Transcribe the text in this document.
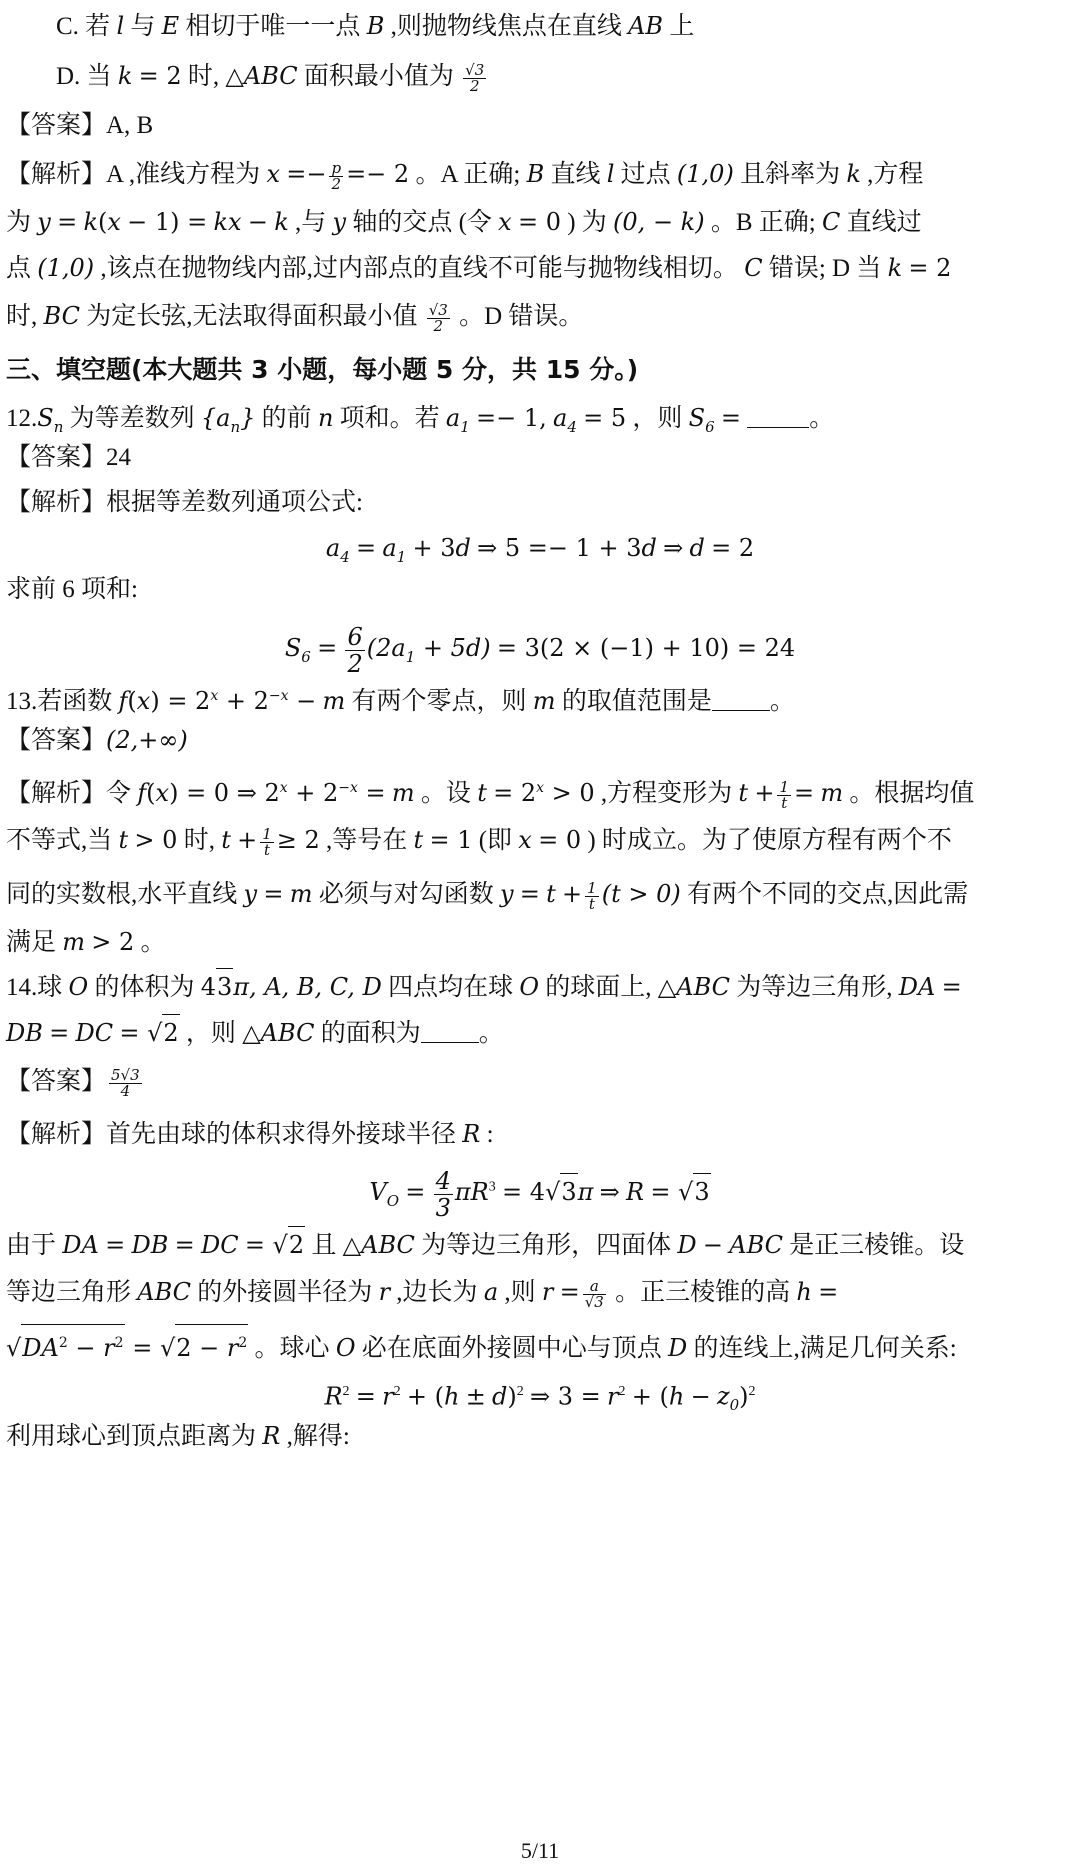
C. 若 l 与 E 相切于唯一一点 B ,则抛物线焦点在直线 AB 上
D. 当 k = 2 时, △ABC 面积最小值为 $\frac{√3}{2}$
【答案】A, B
【解析】A ,准线方程为 $x =- \frac{p}{2} =- 2$ 。A 正确; B 直线 l 过点 (1,0) 且斜率为 k ,方程
为 y = k(x − 1) = kx − k ,与 y 轴的交点 (令 x = 0 ) 为 (0, − k) 。B 正确; C 直线过
点 (1,0) ,该点在抛物线内部,过内部点的直线不可能与抛物线相切。 C 错误; D 当 k = 2
时, BC 为定长弦,无法取得面积最小值 $\frac{√3}{2}$ 。D 错误。
三、填空题(本大题共 3 小题，每小题 5 分，共 15 分。)
$12.S_n$ 为等差数列 $\{a_n\}$ 的前 n 项和。若 $a_1 =- 1$, $a_4 = 5$ ，则 $S_6$ =	。
【答案】24
【解析】根据等差数列通项公式:
$a_4 = a_1 + 3d$ ⇒ 5 =− 1 + 3d ⇒ d = 2
求前 6 项和:
$S_6 = \frac{6}{2} (2a_1 + 5d) = 3(2 \times (-1) + 10) = 24$
13.若函数 $f(x) = 2^x + 2^{-x} - m$ 有两个零点，则 m 的取值范围是 。
【答案】(2,+∞)
【解析】令 f(x) = 0 ⇒ $2^x + 2^{-x} = m$ 。设 $t = 2^x > 0$ ,方程变形为 $t + \frac{1}{t} = m$ 。根据均值
不等式,当 t > 0 时, $t + \frac{1}{t} \ge 2$ ,等号在 t = 1 (即 x = 0 ) 时成立。为了使原方程有两个不
同的实数根,水平直线 y = m 必须与对勾函数 $y = t + \frac{1}{t} (t > 0)$ 有两个不同的交点,因此需
满足 m > 2 。
14.球 O 的体积为 43π, A, B, C, D 四点均在球 O 的球面上, △ABC 为等边三角形, DA =
DB = DC = √2 ，则 △ABC 的面积为 。
【答案】 $\frac{5√3}{4}$
【解析】首先由球的体积求得外接球半径 R :
$V_O = \frac{4}{3} \pi R^3 = 4√3\pi$ ⇒ R = √3
由于 DA = DB = DC = √2 且 △ABC 为等边三角形，四面体 D − ABC 是正三棱锥。设
等边三角形 ABC 的外接圆半径为 r ,边长为 a ,则 $r = \frac{a}{√3}$ 。正三棱锥的高 h =
$√DA^2 - r^2 = √2 - r^2$ 。球心 O 必在底面外接圆中心与顶点 D 的连线上,满足几何关系:
$R^2 = r^2 + (h \pm d)^2$ ⇒ $3 = r^2 + (h - z_0)^2$
利用球心到顶点距离为 R ,解得:
5/11
